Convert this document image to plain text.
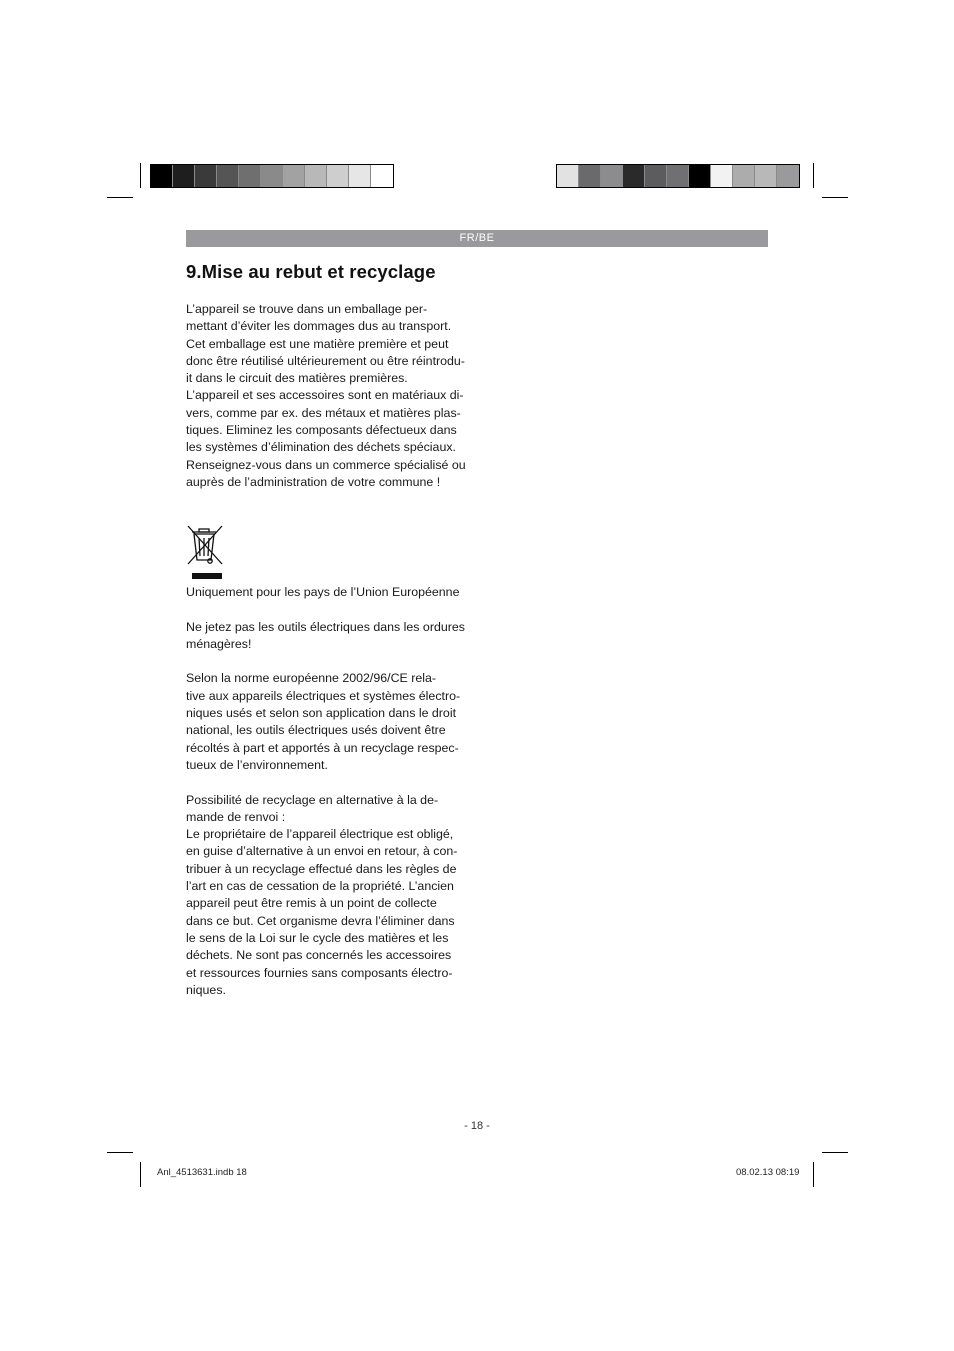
FR/BE
9.Mise au rebut et recyclage

L’appareil se trouve dans un emballage per-
mettant d’éviter les dommages dus au transport.
Cet emballage est une matière première et peut
donc être réutilisé ultérieurement ou être réintrodu-
it dans le circuit des matières premières.
L’appareil et ses accessoires sont en matériaux di-
vers, comme par ex. des métaux et matières plas-
tiques. Eliminez les composants défectueux dans
les systèmes d’élimination des déchets spéciaux.
Renseignez-vous dans un commerce spécialisé ou
auprès de l’administration de votre commune !

Uniquement pour les pays de l’Union Européenne

Ne jetez pas les outils électriques dans les ordures
ménagères!

Selon la norme européenne 2002/96/CE rela-
tive aux appareils électriques et systèmes électro-
niques usés et selon son application dans le droit
national, les outils électriques usés doivent être
récoltés à part et apportés à un recyclage respec-
tueux de l’environnement.

Possibilité de recyclage en alternative à la de-
mande de renvoi :
Le propriétaire de l’appareil électrique est obligé,
en guise d’alternative à un envoi en retour, à con-
tribuer à un recyclage effectué dans les règles de
l’art en cas de cessation de la propriété. L’ancien
appareil peut être remis à un point de collecte
dans ce but. Cet organisme devra l’éliminer dans
le sens de la Loi sur le cycle des matières et les
déchets. Ne sont pas concernés les accessoires
et ressources fournies sans composants électro-
niques.

- 18 -
Anl_4513631.indb 18	08.02.13 08:19
